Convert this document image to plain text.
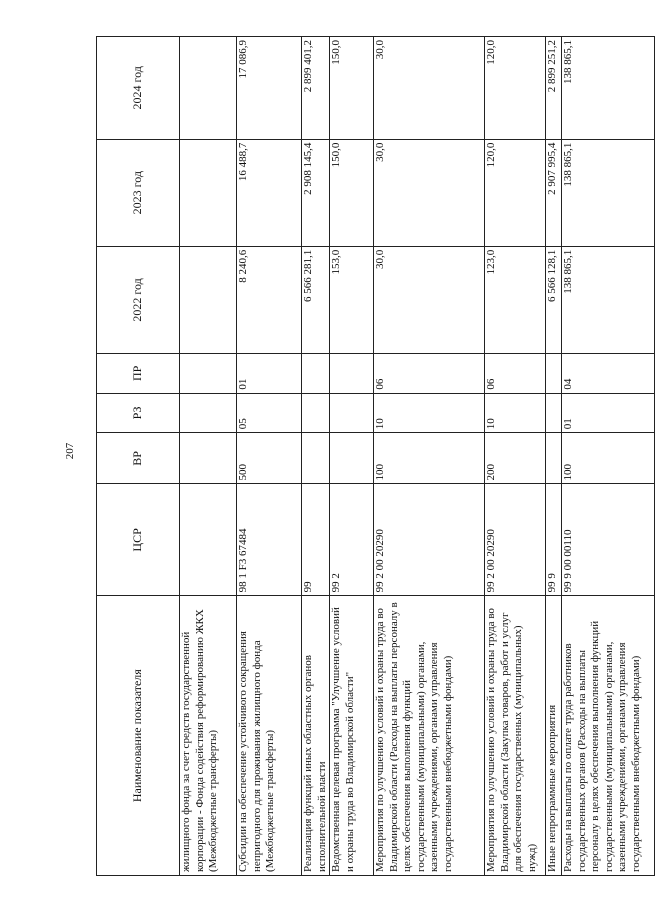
207
Наименование показателя	ЦСР	ВР	РЗ	ПР	2022 год	2023 год	2024 год
жилищного фонда за счет средств государственной корпорации - Фонда содействия реформированию ЖКХ (Межбюджетные трансферты)							
Субсидии на обеспечение устойчивого сокращения непригодного для проживания жилищного фонда (Межбюджетные трансферты)	98 1 F3 67484	500	05	01	8 240,6	16 488,7	17 086,9
Реализация функций иных областных органов исполнительной власти	99				6 566 281,1	2 908 145,4	2 899 401,2
Ведомственная целевая программа "Улучшение условий и охраны труда во Владимирской области"	99 2				153,0	150,0	150,0
Мероприятия по улучшению условий и охраны труда во Владимирской области (Расходы на выплаты персоналу в целях обеспечения выполнения функций государственными (муниципальными) органами, казенными учреждениями, органами управления государственными внебюджетными фондами)	99 2 00 20290	100	10	06	30,0	30,0	30,0
Мероприятия по улучшению условий и охраны труда во Владимирской области (Закупка товаров, работ и услуг для обеспечения государственных (муниципальных) нужд)	99 2 00 20290	200	10	06	123,0	120,0	120,0
Иные непрограммные мероприятия	99 9				6 566 128,1	2 907 995,4	2 899 251,2
Расходы на выплаты по оплате труда работников государственных органов (Расходы на выплаты персоналу в целях обеспечения выполнения функций государственными (муниципальными) органами, казенными учреждениями, органами управления государственными внебюджетными фондами)	99 9 00 00110	100	01	04	138 865,1	138 865,1	138 865,1
